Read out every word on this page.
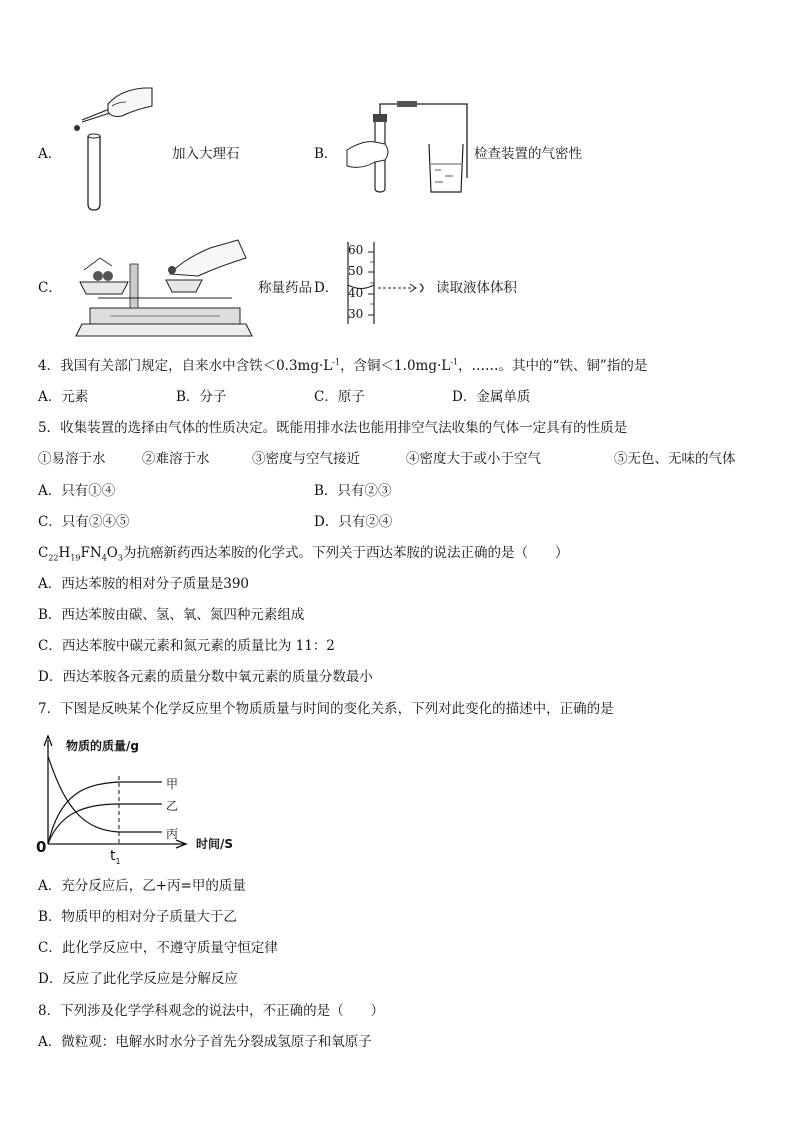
A．	加入大理石	B．	检查装置的气密性
C．	称量药品
60
50
40
30
D．	读取液体体积
4．我国有关部门规定，自来水中含铁$<0.3mg\cdot L^{-1}$，含铜$<1.0mg\cdot L^{-1}$，……。其中的“铁、铜”指的是
A．元素	B．分子	C．原子	D．金属单质
5．收集装置的选择由气体的性质决定。既能用排水法也能用排空气法收集的气体一定具有的性质是
①易溶于水	②难溶于水	③密度与空气接近	④密度大于或小于空气	⑤无色、无味的气体
A．只有①④	B．只有②③
C．只有②④⑤	D．只有②④
$C_{22}H_{19}FN_4O_3$为抗癌新药西达苯胺的化学式。下列关于西达苯胺的说法正确的是（　　）
A．西达苯胺的相对分子质量是390
B．西达苯胺由碳、氢、氧、氮四种元素组成
C．西达苯胺中碳元素和氮元素的质量比为 11：2
D．西达苯胺各元素的质量分数中氧元素的质量分数最小
7．下图是反映某个化学反应里个物质质量与时间的变化关系，下列对此变化的描述中，正确的是
物质的质量/g
甲
乙
丙
时间/S
0	$t_1$
A．充分反应后，乙+丙=甲的质量
B．物质甲的相对分子质量大于乙
C．此化学反应中，不遵守质量守恒定律
D．反应了此化学反应是分解反应
8．下列涉及化学学科观念的说法中，不正确的是（　　）
A．微粒观：电解水时水分子首先分裂成氢原子和氧原子
